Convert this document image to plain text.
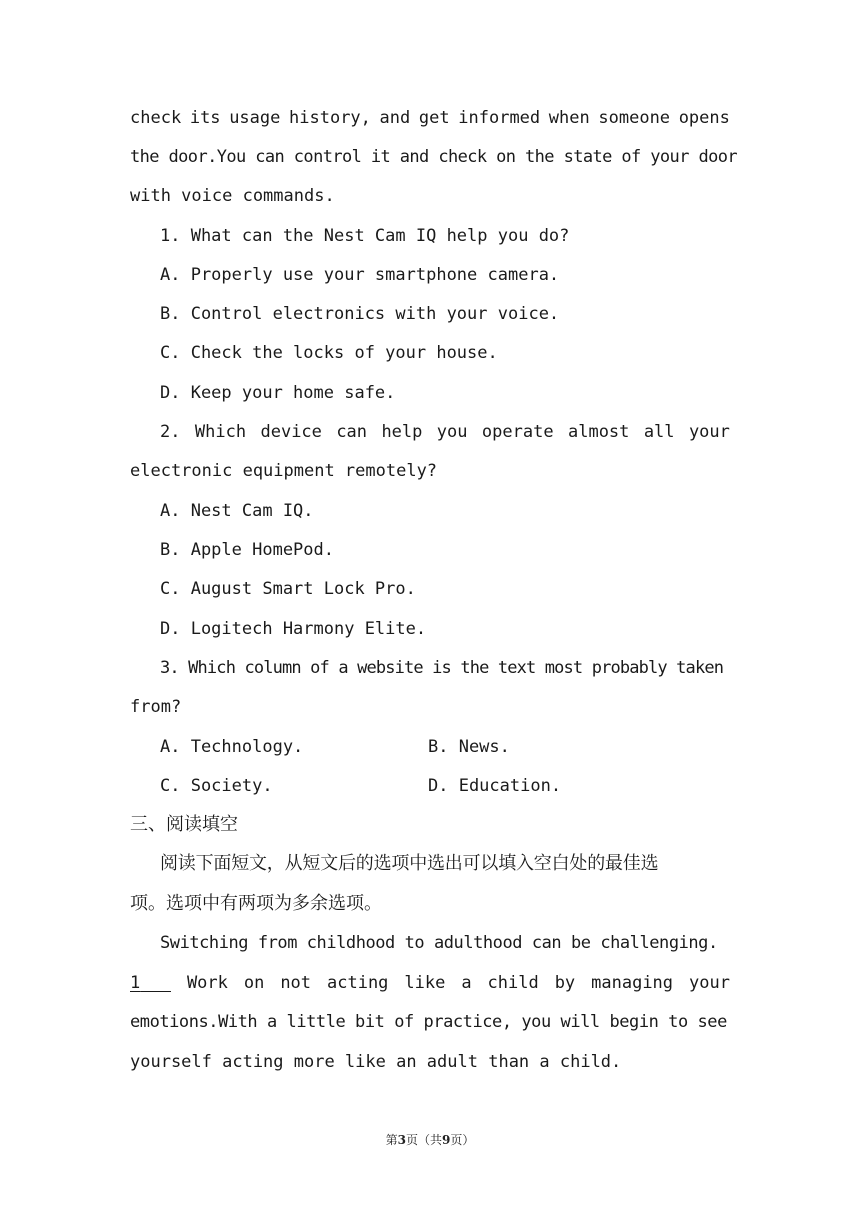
check its usage history, and get informed when someone opens
the door.You can control it and check on the state of your door
with voice commands.
1. What can the Nest Cam IQ help you do?
A. Properly use your smartphone camera.
B. Control electronics with your voice.
C. Check the locks of your house.
D. Keep your home safe.
2. Which device can help you operate almost all your
electronic equipment remotely?
A. Nest Cam IQ.
B. Apple HomePod.
C. August Smart Lock Pro.
D. Logitech Harmony Elite.
3. Which column of a website is the text most probably taken
from?
A. Technology.	B. News.
C. Society.	D. Education.
三、阅读填空
阅读下面短文，从短文后的选项中选出可以填入空白处的最佳选
项。选项中有两项为多余选项。
Switching from childhood to adulthood can be challenging.
1	Work on not acting like a child by managing your
emotions.With a little bit of practice, you will begin to see
yourself acting more like an adult than a child.
第3页（共9页）
